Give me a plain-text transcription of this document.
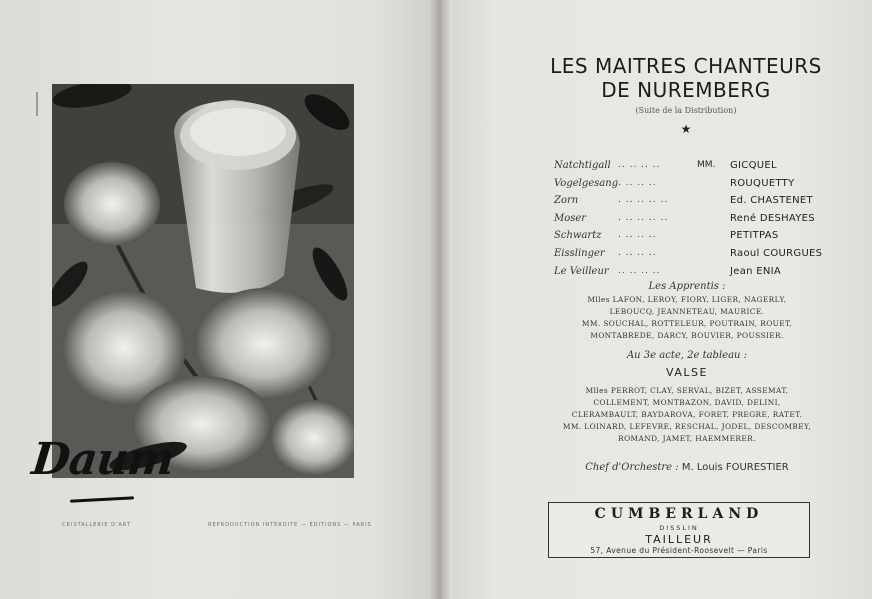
Daum
CRISTALLERIE D'ART	REPRODUCTION INTERDITE — ÉDITIONS — PARIS
LES MAITRES CHANTEURS
DE NUREMBERG
(Suite de la Distribution)
★
Natchtigall .. .. .. ..	MM. GICQUEL
Vogelgesang . .. .. ..	ROUQUETTY
Zorn	. .. .. .. ..	Ed. CHASTENET
Moser	. .. .. .. ..	René DESHAYES
Schwartz . .. .. ..	PETITPAS
Eisslinger . .. .. ..	Raoul COURGUES
Le Veilleur .. .. .. ..	Jean ENIA
Les Apprentis :
Mlles LAFON, LEROY, FIORY, LIGER, NAGERLY,
LEBOUCQ, JEANNETEAU, MAURICE.
MM. SOUCHAL, ROTTELEUR, POUTRAIN, ROUET,
MONTABREDE, DARCY, BOUVIER, POUSSIER.
Au 3e acte, 2e tableau :
VALSE
Mlles PERROT, CLAY, SERVAL, BIZET, ASSEMAT,
COLLEMENT, MONTBAZON, DAVID, DELINI,
CLERAMBAULT, BAYDAROVA, FORET, PREGRE, RATET.
MM. LOINARD, LEFEVRE, RESCHAL, JODEL, DESCOMBEY,
ROMAND, JAMET, HAEMMERER.
Chef d'Orchestre : M. Louis FOURESTIER
CUMBERLAND
DISSLIN
TAILLEUR
57, Avenue du Président-Roosevelt — Paris
